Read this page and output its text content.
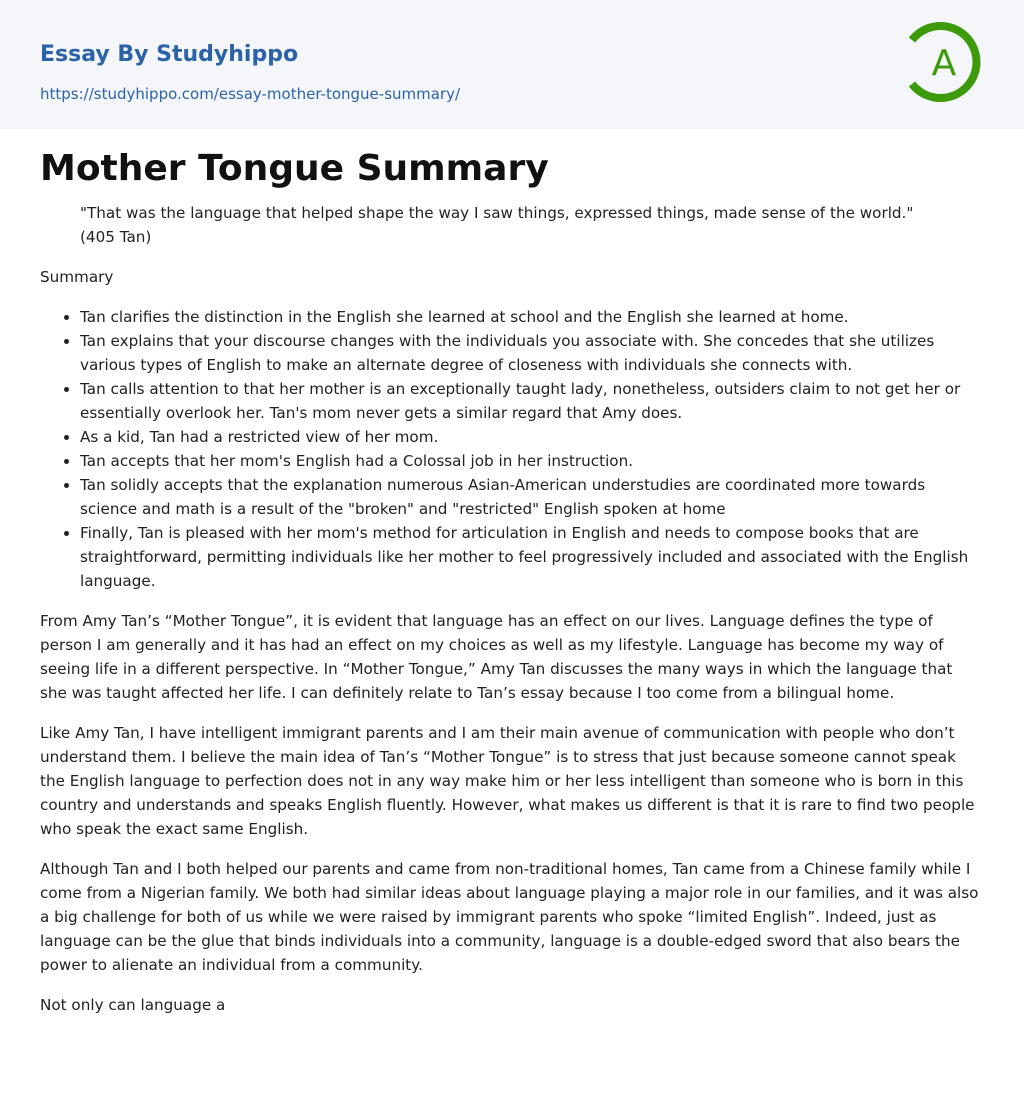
Essay By Studyhippo
https://studyhippo.com/essay-mother-tongue-summary/
A
Mother Tongue Summary
"That was the language that helped shape the way I saw things, expressed things, made sense of the world." (405 Tan)

Summary

• Tan clarifies the distinction in the English she learned at school and the English she learned at home.
• Tan explains that your discourse changes with the individuals you associate with. She concedes that she utilizes various types of English to make an alternate degree of closeness with individuals she connects with.
• Tan calls attention to that her mother is an exceptionally taught lady, nonetheless, outsiders claim to not get her or essentially overlook her. Tan's mom never gets a similar regard that Amy does.
• As a kid, Tan had a restricted view of her mom.
• Tan accepts that her mom's English had a Colossal job in her instruction.
• Tan solidly accepts that the explanation numerous Asian-American understudies are coordinated more towards science and math is a result of the "broken" and "restricted" English spoken at home
• Finally, Tan is pleased with her mom's method for articulation in English and needs to compose books that are straightforward, permitting individuals like her mother to feel progressively included and associated with the English language.

From Amy Tan’s “Mother Tongue”, it is evident that language has an effect on our lives. Language defines the type of person I am generally and it has had an effect on my choices as well as my lifestyle. Language has become my way of seeing life in a different perspective. In “Mother Tongue,” Amy Tan discusses the many ways in which the language that she was taught affected her life. I can definitely relate to Tan’s essay because I too come from a bilingual home.

Like Amy Tan, I have intelligent immigrant parents and I am their main avenue of communication with people who don’t understand them. I believe the main idea of Tan’s “Mother Tongue” is to stress that just because someone cannot speak the English language to perfection does not in any way make him or her less intelligent than someone who is born in this country and understands and speaks English fluently. However, what makes us different is that it is rare to find two people who speak the exact same English.

Although Tan and I both helped our parents and came from non-traditional homes, Tan came from a Chinese family while I come from a Nigerian family. We both had similar ideas about language playing a major role in our families, and it was also a big challenge for both of us while we were raised by immigrant parents who spoke “limited English”. Indeed, just as language can be the glue that binds individuals into a community, language is a double-edged sword that also bears the power to alienate an individual from a community.

Not only can language a
